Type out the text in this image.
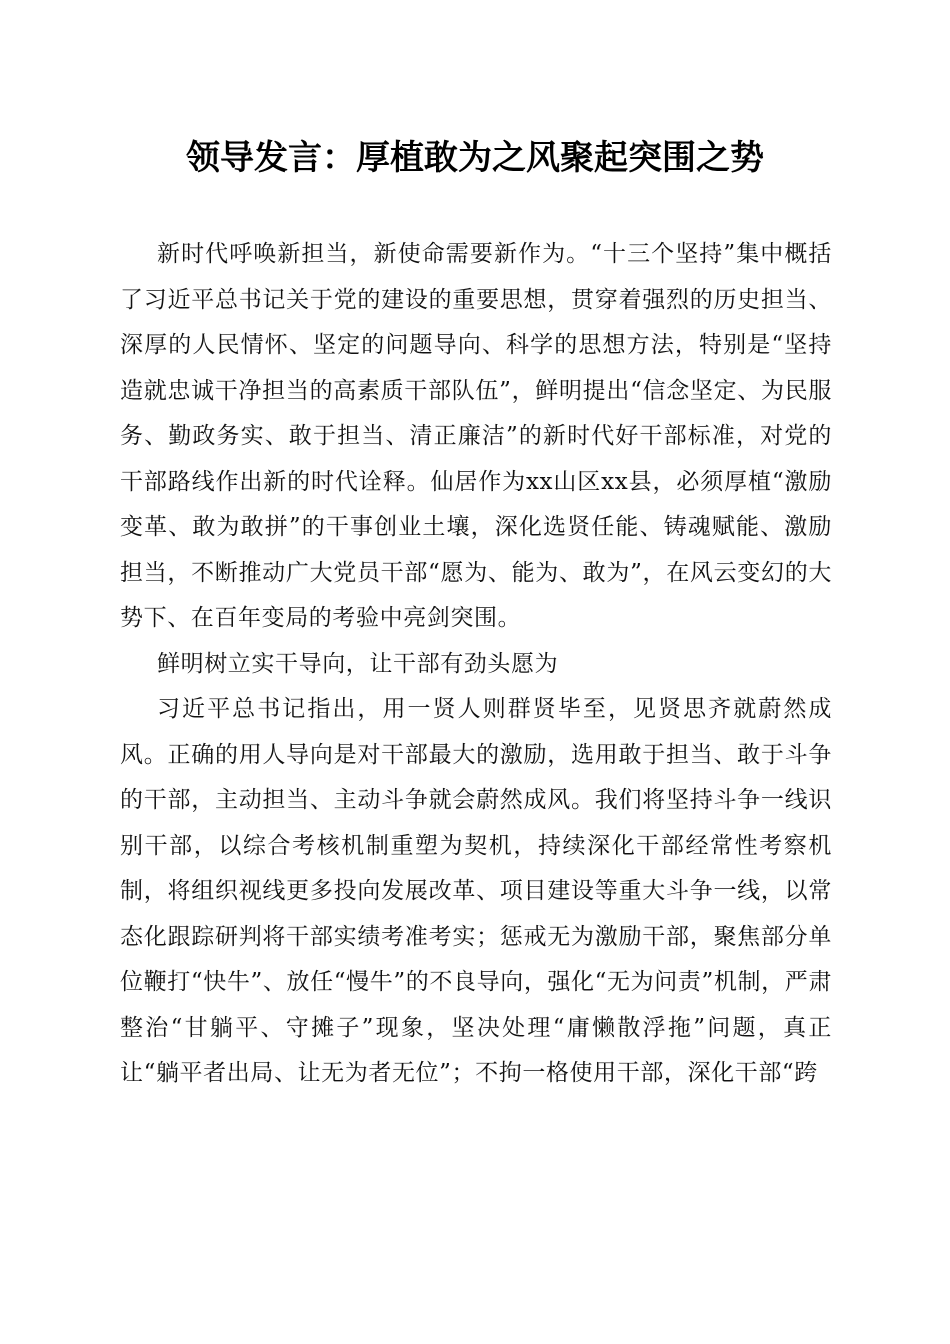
领导发言：厚植敢为之风聚起突围之势

新时代呼唤新担当，新使命需要新作为。“十三个坚持”集中概括了习近平总书记关于党的建设的重要思想，贯穿着强烈的历史担当、深厚的人民情怀、坚定的问题导向、科学的思想方法，特别是“坚持造就忠诚干净担当的高素质干部队伍”，鲜明提出“信念坚定、为民服务、勤政务实、敢于担当、清正廉洁”的新时代好干部标准，对党的干部路线作出新的时代诠释。仙居作为xx山区xx县，必须厚植“激励变革、敢为敢拼”的干事创业土壤，深化选贤任能、铸魂赋能、激励担当，不断推动广大党员干部“愿为、能为、敢为”，在风云变幻的大势下、在百年变局的考验中亮剑突围。

鲜明树立实干导向，让干部有劲头愿为

习近平总书记指出，用一贤人则群贤毕至，见贤思齐就蔚然成风。正确的用人导向是对干部最大的激励，选用敢于担当、敢于斗争的干部，主动担当、主动斗争就会蔚然成风。我们将坚持斗争一线识别干部，以综合考核机制重塑为契机，持续深化干部经常性考察机制，将组织视线更多投向发展改革、项目建设等重大斗争一线，以常态化跟踪研判将干部实绩考准考实；惩戒无为激励干部，聚焦部分单位鞭打“快牛”、放任“慢牛”的不良导向，强化“无为问责”机制，严肃整治“甘躺平、守摊子”现象，坚决处理“庸懒散浮拖”问题，真正让“躺平者出局、让无为者无位”；不拘一格使用干部，深化干部“跨
